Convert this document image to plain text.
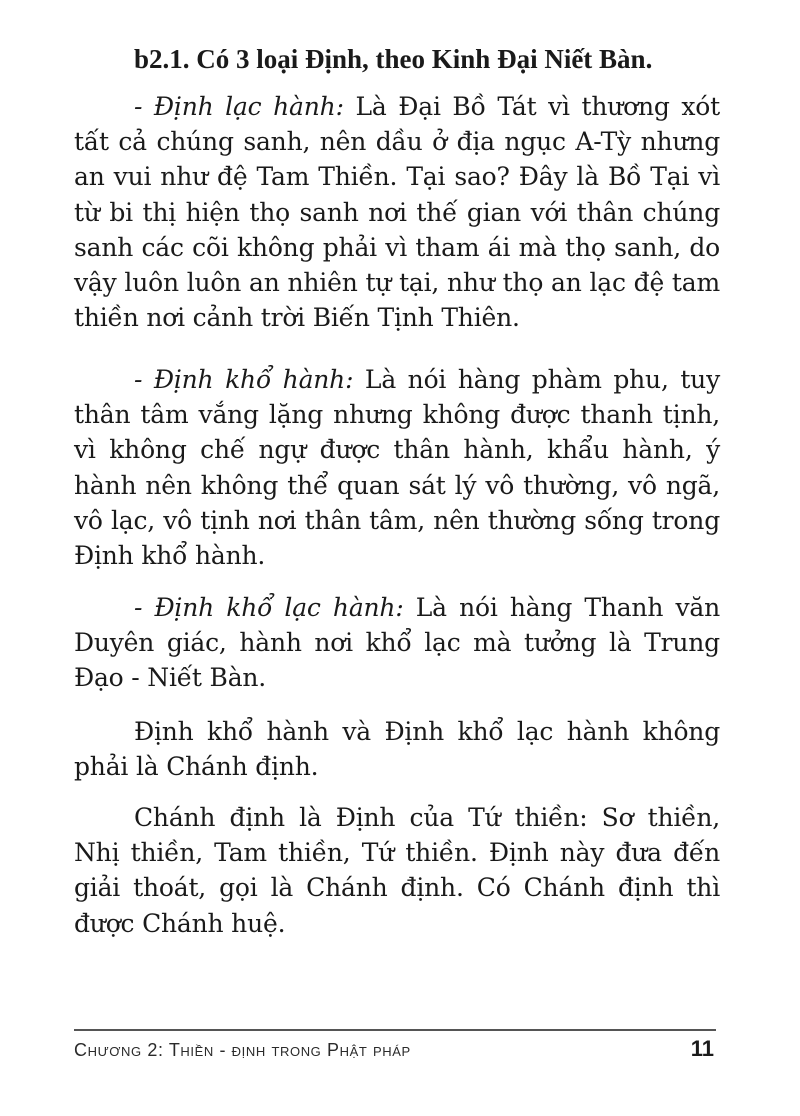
b2.1. Có 3 loại Định, theo Kinh Đại Niết Bàn.

- Định lạc hành: Là Đại Bồ Tát vì thương xót tất cả chúng sanh, nên dầu ở địa ngục A-Tỳ nhưng an vui như đệ Tam Thiền. Tại sao? Đây là Bồ Tại vì từ bi thị hiện thọ sanh nơi thế gian với thân chúng sanh các cõi không phải vì tham ái mà thọ sanh, do vậy luôn luôn an nhiên tự tại, như thọ an lạc đệ tam thiền nơi cảnh trời Biến Tịnh Thiên.

- Định khổ hành: Là nói hàng phàm phu, tuy thân tâm vắng lặng nhưng không được thanh tịnh, vì không chế ngự được thân hành, khẩu hành, ý hành nên không thể quan sát lý vô thường, vô ngã, vô lạc, vô tịnh nơi thân tâm, nên thường sống trong Định khổ hành.

- Định khổ lạc hành: Là nói hàng Thanh văn Duyên giác, hành nơi khổ lạc mà tưởng là Trung Đạo - Niết Bàn.

Định khổ hành và Định khổ lạc hành không phải là Chánh định.

Chánh định là Định của Tứ thiền: Sơ thiền, Nhị thiền, Tam thiền, Tứ thiền. Định này đưa đến giải thoát, gọi là Chánh định. Có Chánh định thì được Chánh huệ.

Chương 2: Thiền - định trong Phật pháp	11
